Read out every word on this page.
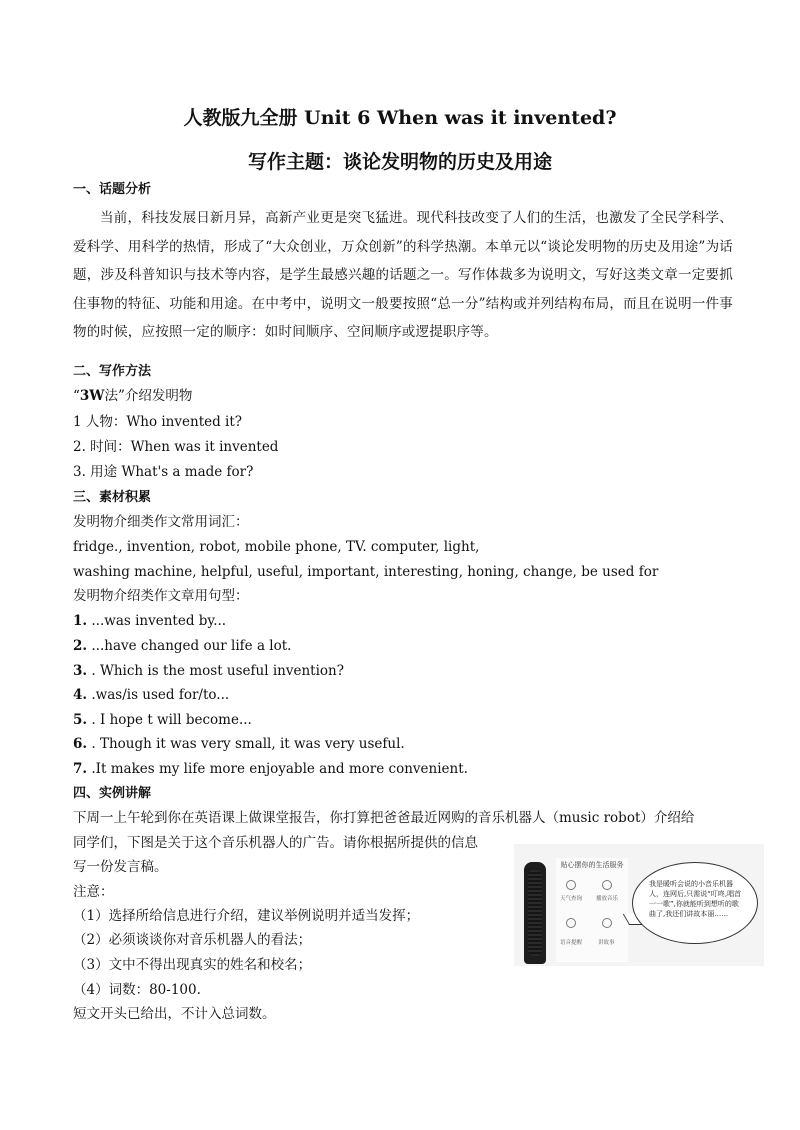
人教版九全册 Unit 6 When was it invented?
写作主题：谈论发明物的历史及用途
一、话题分析
当前，科技发展日新月异，高新产业更是突飞猛进。现代科技改变了人们的生活，也激发了全民学科学、爱科学、用科学的热情，形成了“大众创业，万众创新”的科学热潮。本单元以“谈论发明物的历史及用途”为话题，涉及科普知识与技术等内容，是学生最感兴趣的话题之一。写作体裁多为说明文，写好这类文章一定要抓住事物的特征、功能和用途。在中考中，说明文一般要按照“总一分”结构或并列结构布局，而且在说明一件事物的时候，应按照一定的顺序：如时间顺序、空间顺序或逻提职序等。
二、写作方法
“3W法”介绍发明物
1 人物：Who invented it?
2. 时间：When was it invented
3. 用途 What's a made for?
三、素材积累
发明物介细类作文常用词汇：
fridge., invention, robot, mobile phone, TV. computer, light,
washing machine, helpful, useful, important, interesting, honing, change, be used for
发明物介绍类作文章用句型：
1. ...was invented by...
2. ...have changed our life a lot.
3. . Which is the most useful invention?
4. .was/is used for/to...
5. . I hope t will become...
6. . Though it was very small, it was very useful.
7. .It makes my life more enjoyable and more convenient.
四、实例讲解
下周一上午轮到你在英语课上做课堂报告，你打算把爸爸最近网购的音乐机器人（music robot）介绍给
同学们，下图是关于这个音乐机器人的广告。请你根据所提供的信息
写一份发言稿。
注意：
（1）选择所给信息进行介绍，建议举例说明并适当发挥；
（2）必须谈谈你对音乐机器人的看法；
（3）文中不得出现真实的姓名和校名；
（4）词数：80-100.
短文开头已给出，不计入总词数。
贴心摆你的生活服务
天气查询	播放音乐
语音提醒	讲故事
我是暖听会说的小音乐机器人，连网后,只需说“叮咚,唱首一一歌”,你就能听到想听的歌曲了,我还们讲故本丽……
